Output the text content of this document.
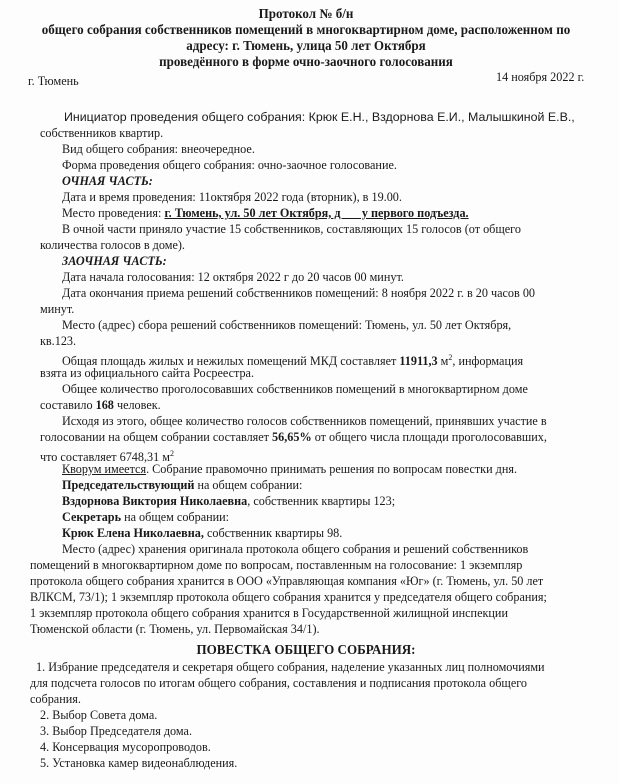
Протокол № б/н
общего собрания собственников помещений в многоквартирном доме, расположенном по
адресу: г. Тюмень, улица 50 лет Октября
проведённого в форме очно-заочного голосования
г. Тюмень	14 ноября 2022 г.
Инициатор проведения общего собрания: Крюк Е.Н., Вздорнова Е.И., Малышкиной Е.В.,
собственников квартир.
Вид общего собрания: внеочередное.
Форма проведения общего собрания: очно-заочное голосование.
ОЧНАЯ ЧАСТЬ:
Дата и время проведения: 11октября 2022 года (вторник), в 19.00.
Место проведения: г. Тюмень, ул. 50 лет Октября, д       у первого подъезда.
В очной части приняло участие 15 собственников, составляющих 15 голосов (от общего
количества голосов в доме).
ЗАОЧНАЯ ЧАСТЬ:
Дата начала голосования: 12 октября 2022 г до 20 часов 00 минут.
Дата окончания приема решений собственников помещений: 8 ноября 2022 г. в 20 часов 00
минут.
Место (адрес) сбора решений собственников помещений: Тюмень, ул. 50 лет Октября,
кв.123.
Общая площадь жилых и нежилых помещений МКД составляет 11911,3 $м^2$, информация
взята из официального сайта Росреестра.
Общее количество проголосовавших собственников помещений в многоквартирном доме
составило 168 человек.
Исходя из этого, общее количество голосов собственников помещений, принявших участие в
голосовании на общем собрании составляет 56,65% от общего числа площади проголосовавших,
что составляет 6748,31 $м^2$
Кворум имеется. Собрание правомочно принимать решения по вопросам повестки дня.
Председательствующий на общем собрании:
Вздорнова Виктория Николаевна, собственник квартиры 123;
Секретарь на общем собрании:
Крюк Елена Николаевна, собственник квартиры 98.
Место (адрес) хранения оригинала протокола общего собрания и решений собственников
помещений в многоквартирном доме по вопросам, поставленным на голосование: 1 экземпляр
протокола общего собрания хранится в ООО «Управляющая компания «Юг» (г. Тюмень, ул. 50 лет
ВЛКСМ, 73/1); 1 экземпляр протокола общего собрания хранится у председателя общего собрания;
1 экземпляр протокола общего собрания хранится в Государственной жилищной инспекции
Тюменской области (г. Тюмень, ул. Первомайская 34/1).
ПОВЕСТКА ОБЩЕГО СОБРАНИЯ:
1. Избрание председателя и секретаря общего собрания, наделение указанных лиц полномочиями
для подсчета голосов по итогам общего собрания, составления и подписания протокола общего
собрания.
2. Выбор Совета дома.
3. Выбор Председателя дома.
4. Консервация мусоропроводов.
5. Установка камер видеонаблюдения.
